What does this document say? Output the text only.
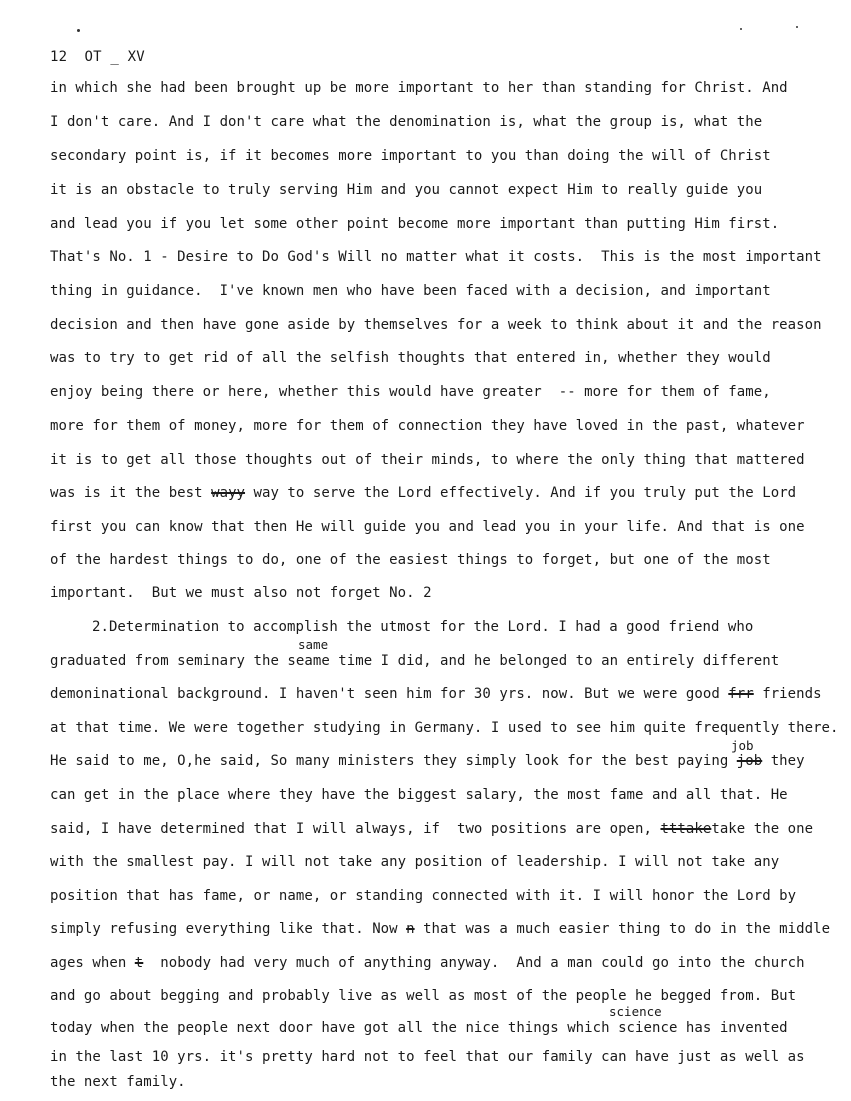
12  OT _ XV
in which she had been brought up be more important to her than standing for Christ. And
I don't care. And I don't care what the denomination is, what the group is, what the
secondary point is, if it becomes more important to you than doing the will of Christ
it is an obstacle to truly serving Him and you cannot expect Him to really guide you
and lead you if you let some other point become more important than putting Him first.
That's No. 1 - Desire to Do God's Will no matter what it costs.  This is the most important
thing in guidance.  I've known men who have been faced with a decision, and important
decision and then have gone aside by themselves for a week to think about it and the reason
was to try to get rid of all the selfish thoughts that entered in, whether they would
enjoy being there or here, whether this would have greater  -- more for them of fame,
more for them of money, more for them of connection they have loved in the past, whatever
it is to get all those thoughts out of their minds, to where the only thing that mattered
was is it the best wayy way to serve the Lord effectively. And if you truly put the Lord
first you can know that then He will guide you and lead you in your life. And that is one
of the hardest things to do, one of the easiest things to forget, but one of the most
important.  But we must also not forget No. 2
2.Determination to accomplish the utmost for the Lord. I had a good friend who
same
graduated from seminary the seame time I did, and he belonged to an entirely different
demoninational background. I haven't seen him for 30 yrs. now. But we were good frr friends
at that time. We were together studying in Germany. I used to see him quite frequently there.
job
He said to me, O,he said, So many ministers they simply look for the best paying job they
can get in the place where they have the biggest salary, the most fame and all that. He
said, I have determined that I will always, if  two positions are open, tttaketake the one
with the smallest pay. I will not take any position of leadership. I will not take any
position that has fame, or name, or standing connected with it. I will honor the Lord by
simply refusing everything like that. Now n that was a much easier thing to do in the middle
ages when t  nobody had very much of anything anyway.  And a man could go into the church
and go about begging and probably live as well as most of the people he begged from. But
science
today when the people next door have got all the nice things which science has invented
in the last 10 yrs. it's pretty hard not to feel that our family can have just as well as
the next family.
